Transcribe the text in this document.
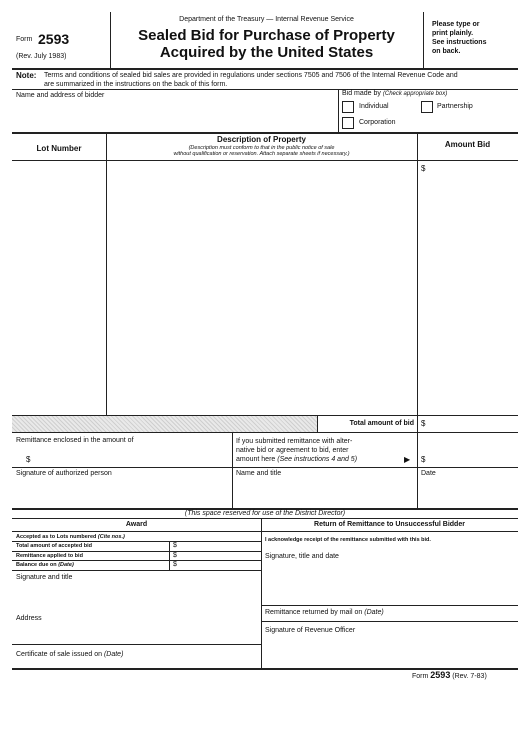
Form 2593
(Rev. July 1983)
Department of the Treasury — Internal Revenue Service
Sealed Bid for Purchase of Property
Acquired by the United States
Please type or
print plainly.
See instructions
on back.
Note: Terms and conditions of sealed bid sales are provided in regulations under sections 7505 and 7506 of the Internal Revenue Code and
are summarized in the instructions on the back of this form.
Name and address of bidder	Bid made by (Check appropriate box)
Individual	Partnership
Corporation
Lot Number
Description of Property
(Description must conform to that in the public notice of sale
without qualification or reservation. Attach separate sheets if necessary.)
Amount Bid
$
Total amount of bid $
Remittance enclosed in the amount of
$
If you submitted remittance with alter-
native bid or agreement to bid, enter
amount here (See instructions 4 and 5)	▶ $
Signature of authorized person	Name and title	Date
(This space reserved for use of the District Director)
Award
Accepted as to Lots numbered (Cite nos.)
Total amount of accepted bid	$
Remittance applied to bid	$
Balance due on (Date)	$
Signature and title
Address
Return of Remittance to Unsuccessful Bidder
I acknowledge receipt of the remittance submitted with this bid.
Signature, title and date
Remittance returned by mail on (Date)
Signature of Revenue Officer
Certificate of sale issued on (Date)
Form 2593 (Rev. 7-83)
